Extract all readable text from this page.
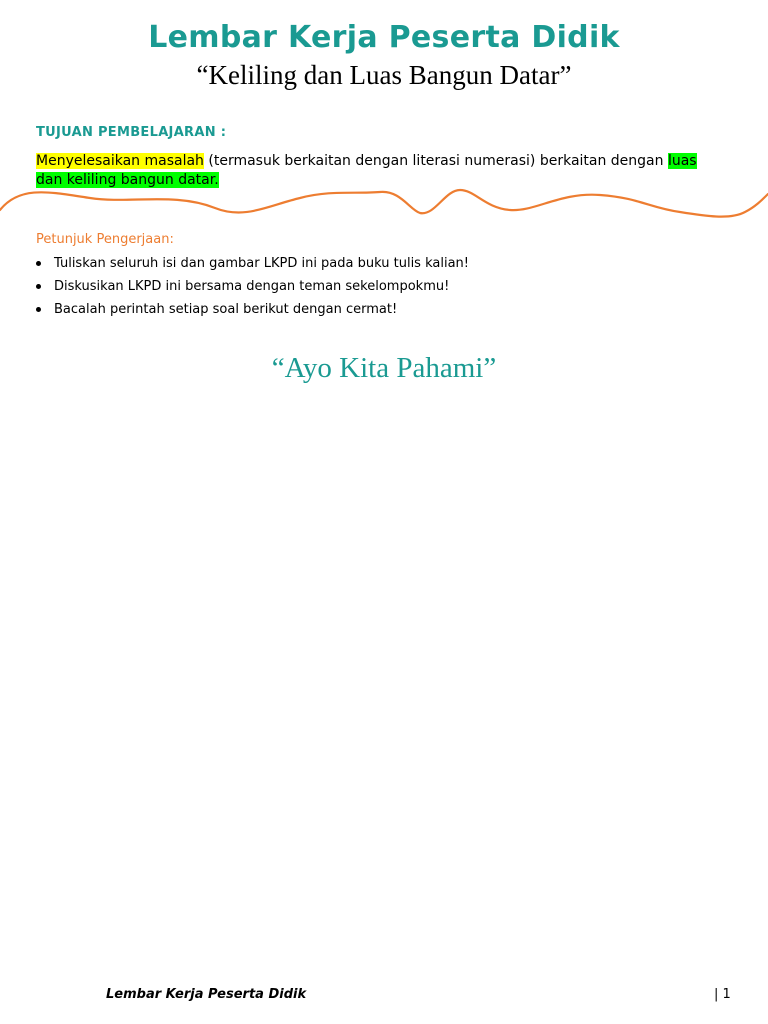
Lembar Kerja Peserta Didik
“Keliling dan Luas Bangun Datar”
TUJUAN PEMBELAJARAN :
Menyelesaikan masalah (termasuk berkaitan dengan literasi numerasi) berkaitan dengan luas dan keliling bangun datar.
Petunjuk Pengerjaan:
Tuliskan seluruh isi dan gambar LKPD ini pada buku tulis kalian!
Diskusikan LKPD ini bersama dengan teman sekelompokmu!
Bacalah perintah setiap soal berikut dengan cermat!
“Ayo Kita Pahami”
Lembar Kerja Peserta Didik	| 1
